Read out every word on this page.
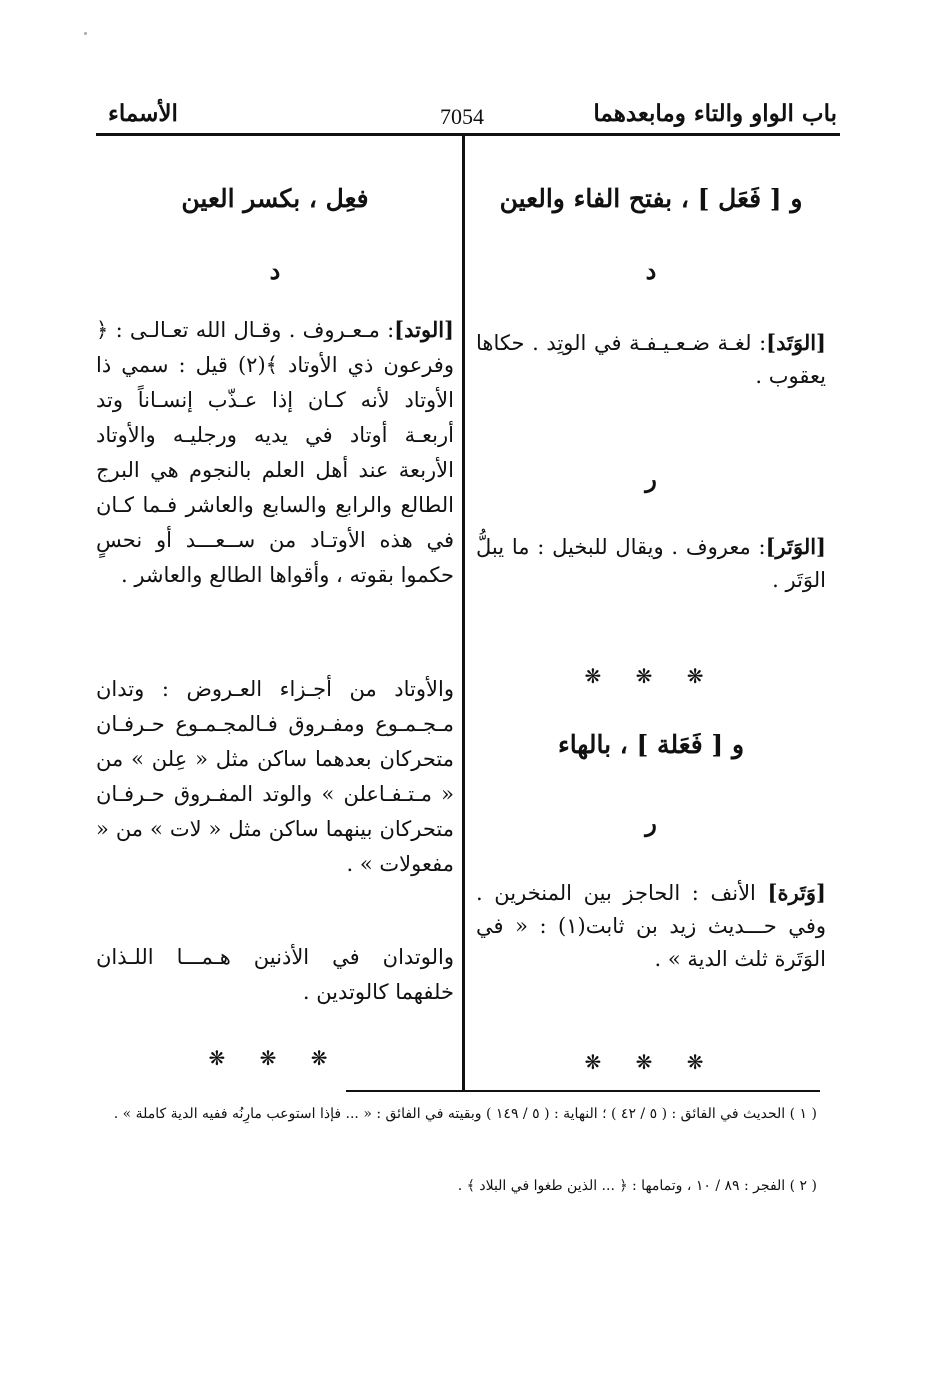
باب الواو والتاء ومابعدهما
7054
الأسماء
و [ فَعَل ] ، بفتح الفاء والعين
د
[الوَتَد]: لغـة ضـعـيـفـة في الوتِد . حكاها يعقوب .
ر
[الوَتَر]: معروف . ويقال للبخيل : ما يبلُّ الوَتَر .
❋ ❋ ❋
و [ فَعَلة ] ، بالهاء
ر
[وَتَرة] الأنف : الحاجز بين المنخرين . وفي حـــديث زيد بن ثابت(١) : « في الوَتَرة ثلث الدية » .
❋ ❋ ❋
فعِل ، بكسر العين
د
[الوتد]: مـعـروف . وقـال الله تعـالـى : ﴿ وفرعون ذي الأوتاد ﴾(٢) قيل : سمي ذا الأوتاد لأنه كـان إذا عـذّب إنسـاناً وتد أربعـة أوتاد في يديه ورجليـه والأوتاد الأربعة عند أهل العلم بالنجوم هي البرج الطالع والرابع والسابع والعاشر فـما كـان في هذه الأوتـاد من ســعـــد أو نحسٍ حكموا بقوته ، وأقواها الطالع والعاشر .
والأوتاد من أجـزاء العـروض : وتدان مـجـمـوع ومفـروق فـالمجـمـوع حـرفـان متحركان بعدهما ساكن مثل « عِلن » من « مـتـفـاعلن » والوتد المفـروق حـرفـان متحركان بينهما ساكن مثل « لات » من « مفعولات » .
والوتدان في الأذنين هـمـــا اللـذان خلفهما كالوتدين .
❋ ❋ ❋
( ١ ) الحديث في الفائق : ( ٥ / ٤٢ ) ؛ النهاية : ( ٥ / ١٤٩ ) وبقيته في الفائق : « ... فإذا استوعب مارِنُه ففيه الدية كاملة » .
( ٢ ) الفجر : ٨٩ / ١٠ ، وتمامها : ﴿ ... الذين طغوا في البلاد ﴾ .
